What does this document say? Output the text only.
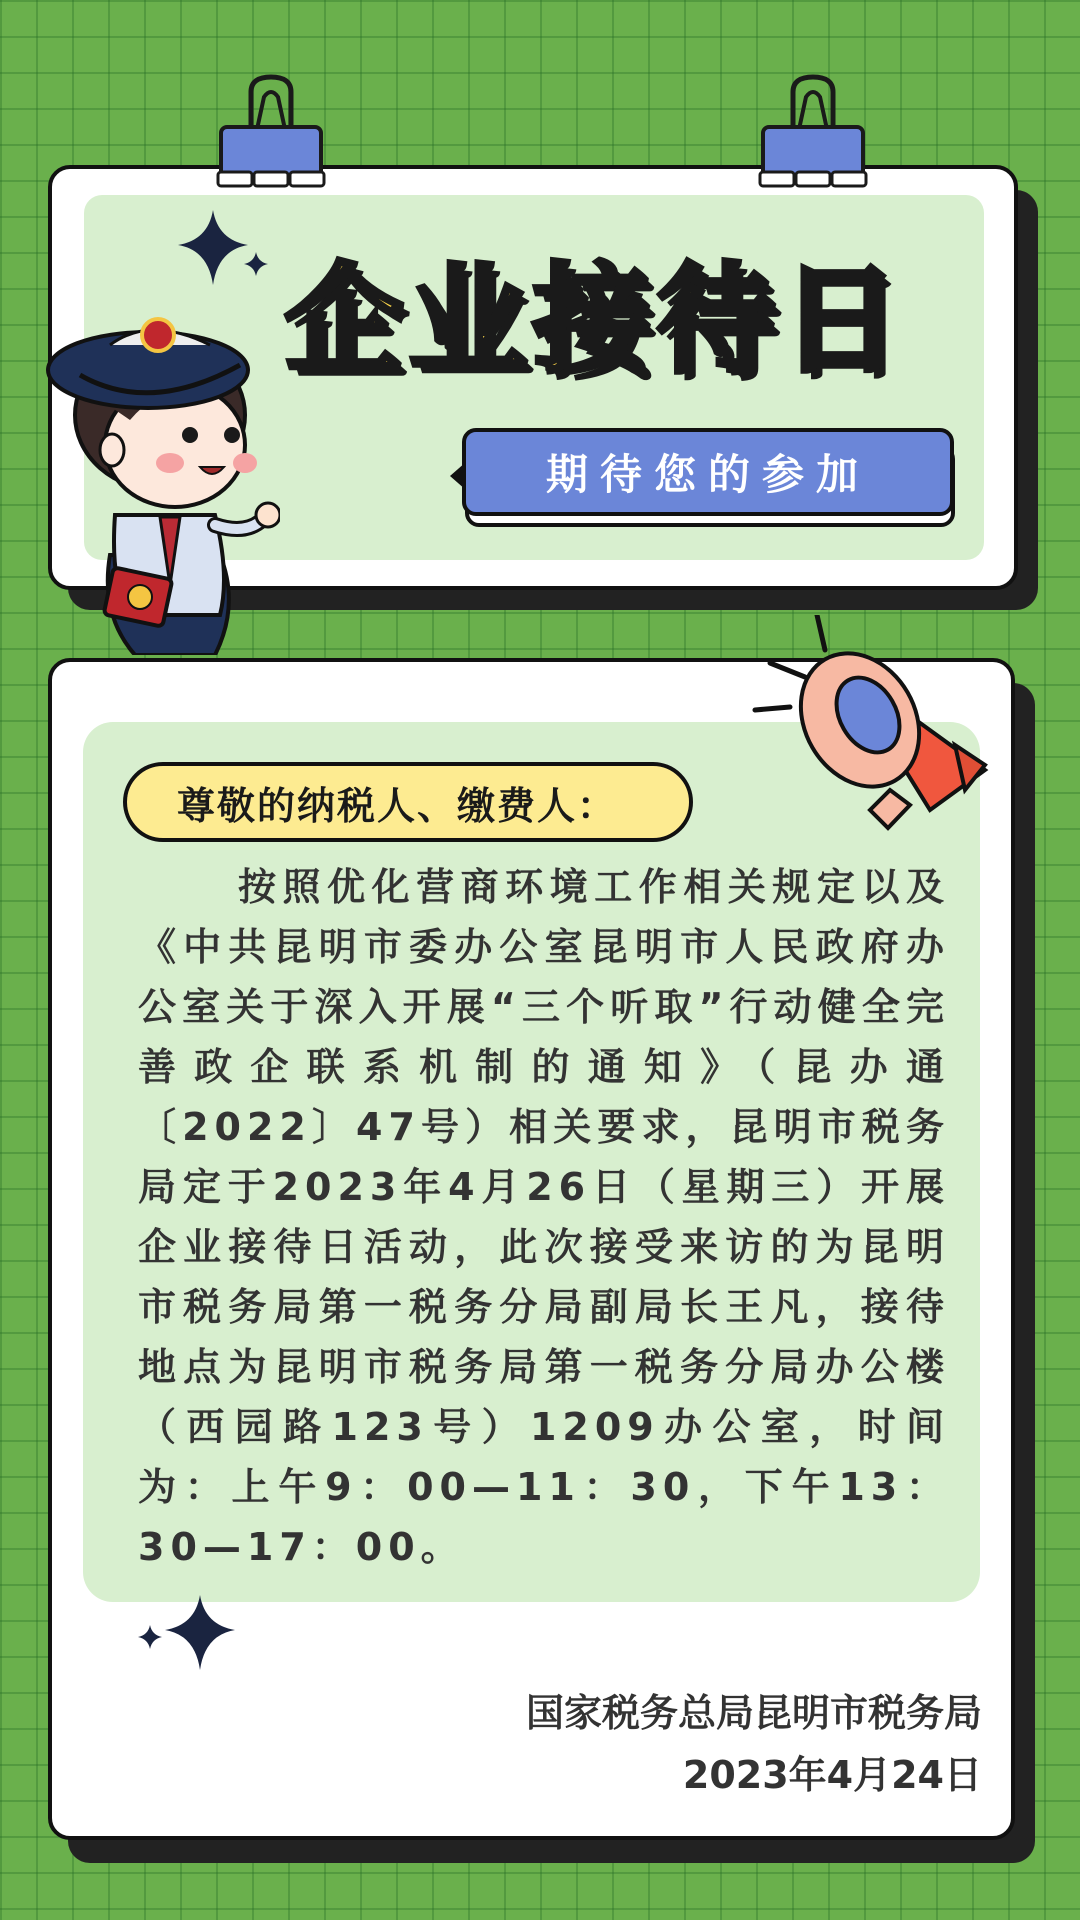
企业接待日
期待您的参加
尊敬的纳税人、缴费人：

按照优化营商环境工作相关规定以及《中共昆明市委办公室昆明市人民政府办公室关于深入开展“三个听取”行动健全完善政企联系机制的通知》（昆办通〔2022〕47号）相关要求，昆明市税务局定于2023年4月26日（星期三）开展企业接待日活动，此次接受来访的为昆明市税务局第一税务分局副局长王凡，接待地点为昆明市税务局第一税务分局办公楼（西园路123号）1209办公室，时间为：上午9：00—11：30，下午13：30—17：00。

国家税务总局昆明市税务局
2023年4月24日
